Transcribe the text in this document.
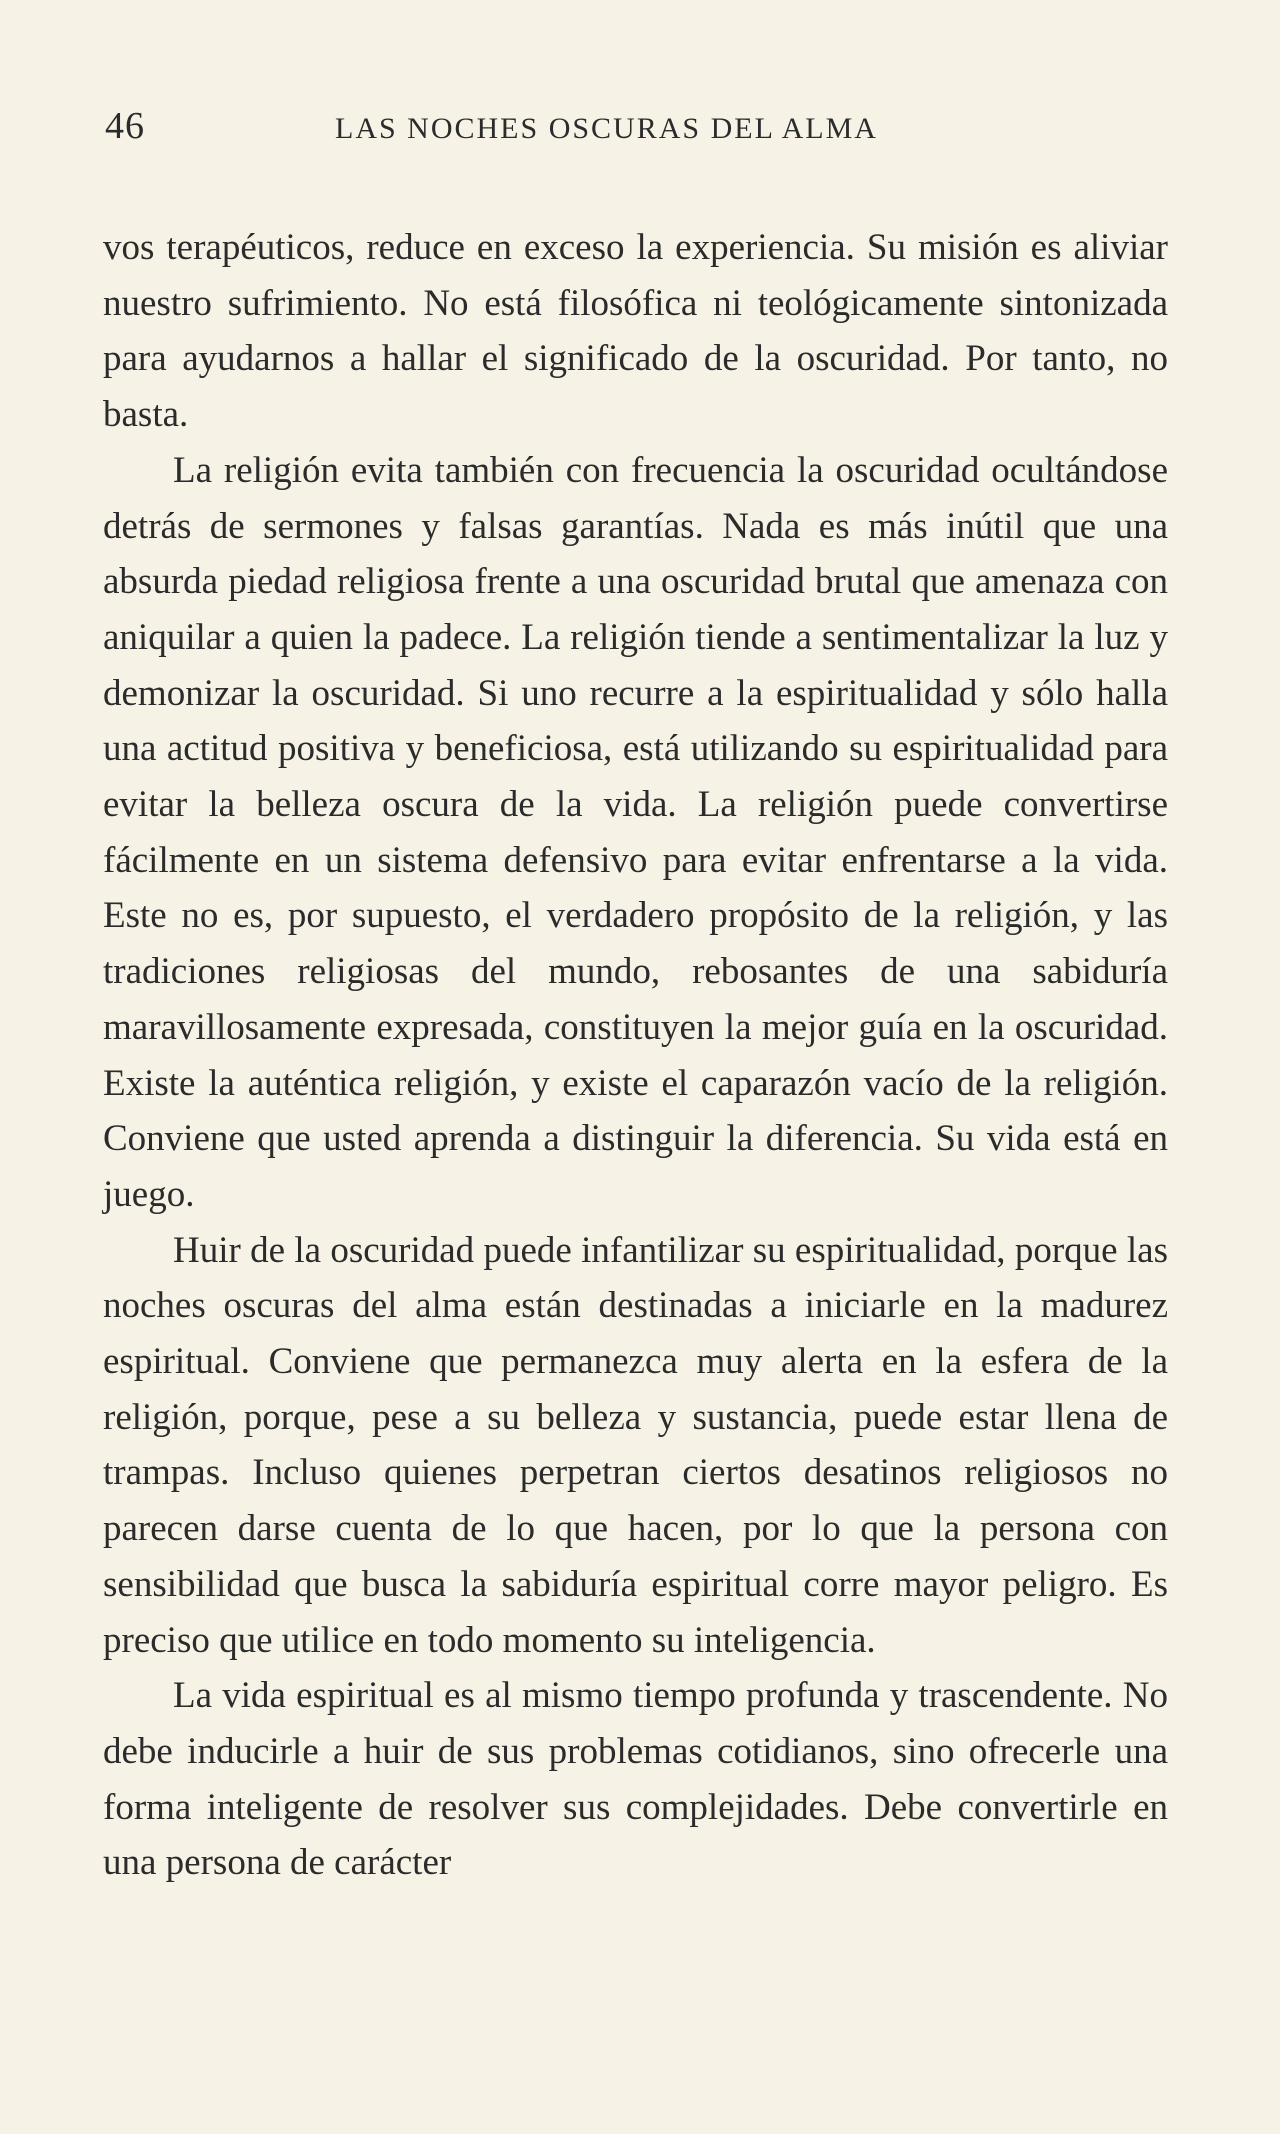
46	LAS NOCHES OSCURAS DEL ALMA

vos terapéuticos, reduce en exceso la experiencia. Su misión es aliviar nuestro sufrimiento. No está filosófica ni teológicamente sintonizada para ayudarnos a hallar el significado de la oscuridad. Por tanto, no basta.

La religión evita también con frecuencia la oscuridad ocultándose detrás de sermones y falsas garantías. Nada es más inútil que una absurda piedad religiosa frente a una oscuridad brutal que amenaza con aniquilar a quien la padece. La religión tiende a sentimentalizar la luz y demonizar la oscuridad. Si uno recurre a la espiritualidad y sólo halla una actitud positiva y beneficiosa, está utilizando su espiritualidad para evitar la belleza oscura de la vida. La religión puede convertirse fácilmente en un sistema defensivo para evitar enfrentarse a la vida. Este no es, por supuesto, el verdadero propósito de la religión, y las tradiciones religiosas del mundo, rebosantes de una sabiduría maravillosamente expresada, constituyen la mejor guía en la oscuridad. Existe la auténtica religión, y existe el caparazón vacío de la religión. Conviene que usted aprenda a distinguir la diferencia. Su vida está en juego.

Huir de la oscuridad puede infantilizar su espiritualidad, porque las noches oscuras del alma están destinadas a iniciarle en la madurez espiritual. Conviene que permanezca muy alerta en la esfera de la religión, porque, pese a su belleza y sustancia, puede estar llena de trampas. Incluso quienes perpetran ciertos desatinos religiosos no parecen darse cuenta de lo que hacen, por lo que la persona con sensibilidad que busca la sabiduría espiritual corre mayor peligro. Es preciso que utilice en todo momento su inteligencia.

La vida espiritual es al mismo tiempo profunda y trascendente. No debe inducirle a huir de sus problemas cotidianos, sino ofrecerle una forma inteligente de resolver sus complejidades. Debe convertirle en una persona de carácter
